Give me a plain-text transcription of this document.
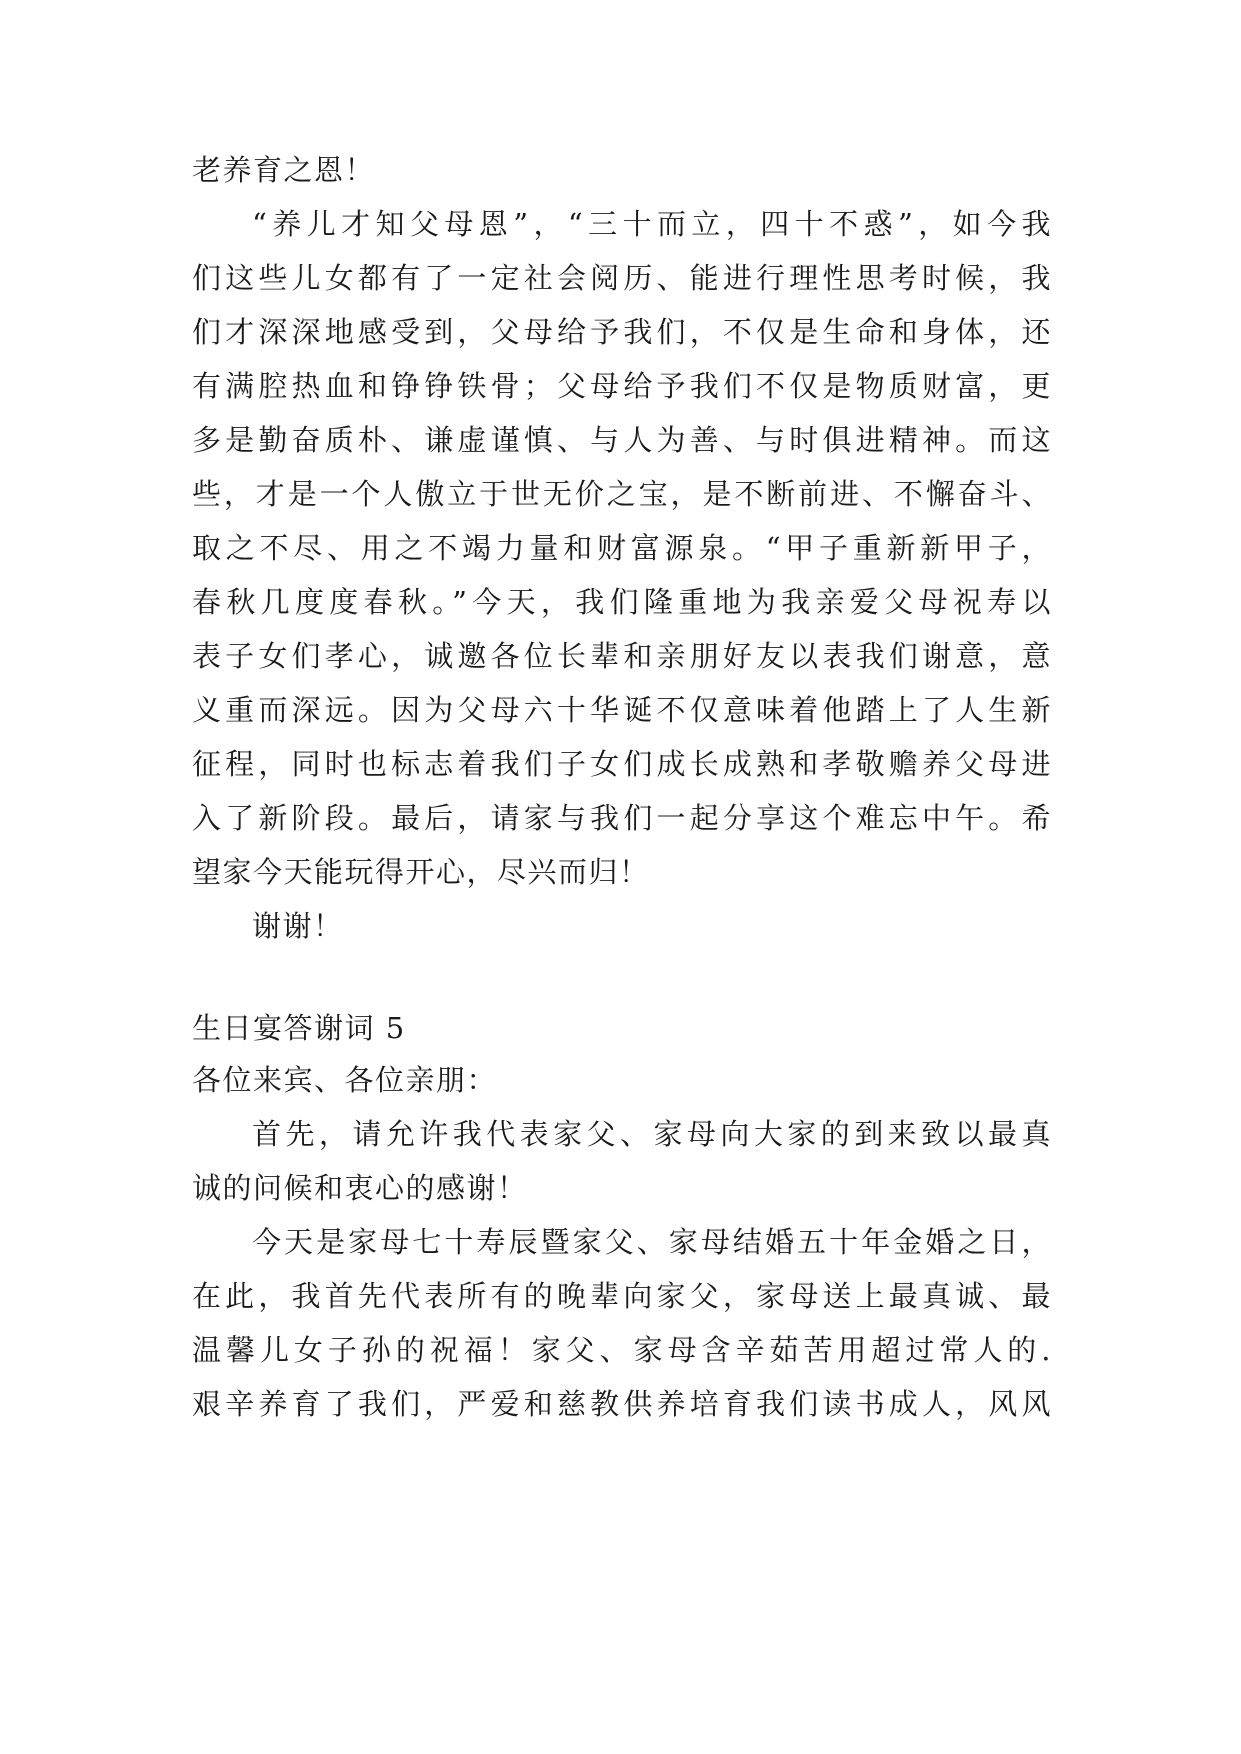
老养育之恩！
“养儿才知父母恩”，“三十而立，四十不惑”，如今我
们这些儿女都有了一定社会阅历、能进行理性思考时候，我
们才深深地感受到，父母给予我们，不仅是生命和身体，还
有满腔热血和铮铮铁骨；父母给予我们不仅是物质财富，更
多是勤奋质朴、谦虚谨慎、与人为善、与时俱进精神。而这
些，才是一个人傲立于世无价之宝，是不断前进、不懈奋斗、
取之不尽、用之不竭力量和财富源泉。“甲子重新新甲子，
春秋几度度春秋。”今天，我们隆重地为我亲爱父母祝寿以
表子女们孝心，诚邀各位长辈和亲朋好友以表我们谢意，意
义重而深远。因为父母六十华诞不仅意味着他踏上了人生新
征程，同时也标志着我们子女们成长成熟和孝敬赡养父母进
入了新阶段。最后，请家与我们一起分享这个难忘中午。希
望家今天能玩得开心，尽兴而归！
谢谢！
生日宴答谢词 5
各位来宾、各位亲朋：
首先，请允许我代表家父、家母向大家的到来致以最真
诚的问候和衷心的感谢！
今天是家母七十寿辰暨家父、家母结婚五十年金婚之日，
在此，我首先代表所有的晚辈向家父，家母送上最真诚、最
温馨儿女子孙的祝福！家父、家母含辛茹苦用超过常人的.
艰辛养育了我们，严爱和慈教供养培育我们读书成人，风风
